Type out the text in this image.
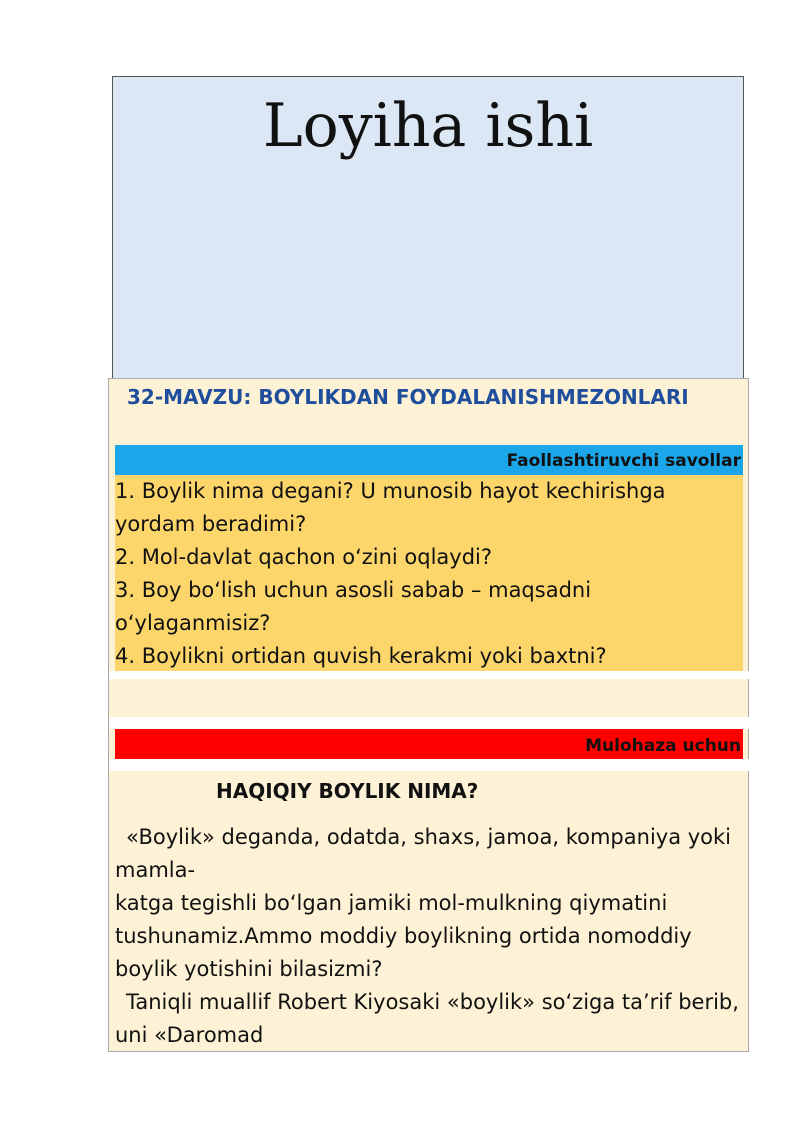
Loyiha ishi
32-MAVZU: BOYLIKDAN FOYDALANISHMEZONLARI
Faollashtiruvchi savollar
1. Boylik nima degani? U munosib hayot kechirishga yordam beradimi?
2. Mol-davlat qachon o‘zini oqlaydi?
3. Boy bo‘lish uchun asosli sabab – maqsadni o‘ylaganmisiz?
4. Boylikni ortidan quvish kerakmi yoki baxtni?
Mulohaza uchun
HAQIQIY BOYLIK NIMA?

«Boylik» deganda, odatda, shaxs, jamoa, kompaniya yoki mamla-

katga tegishli bo‘lgan jamiki mol-mulkning qiymatini tushunamiz.Ammo moddiy boylikning ortida nomoddiy boylik yotishini bilasizmi?

Taniqli muallif Robert Kiyosaki «boylik» so‘ziga ta’rif berib, uni «Daromad
